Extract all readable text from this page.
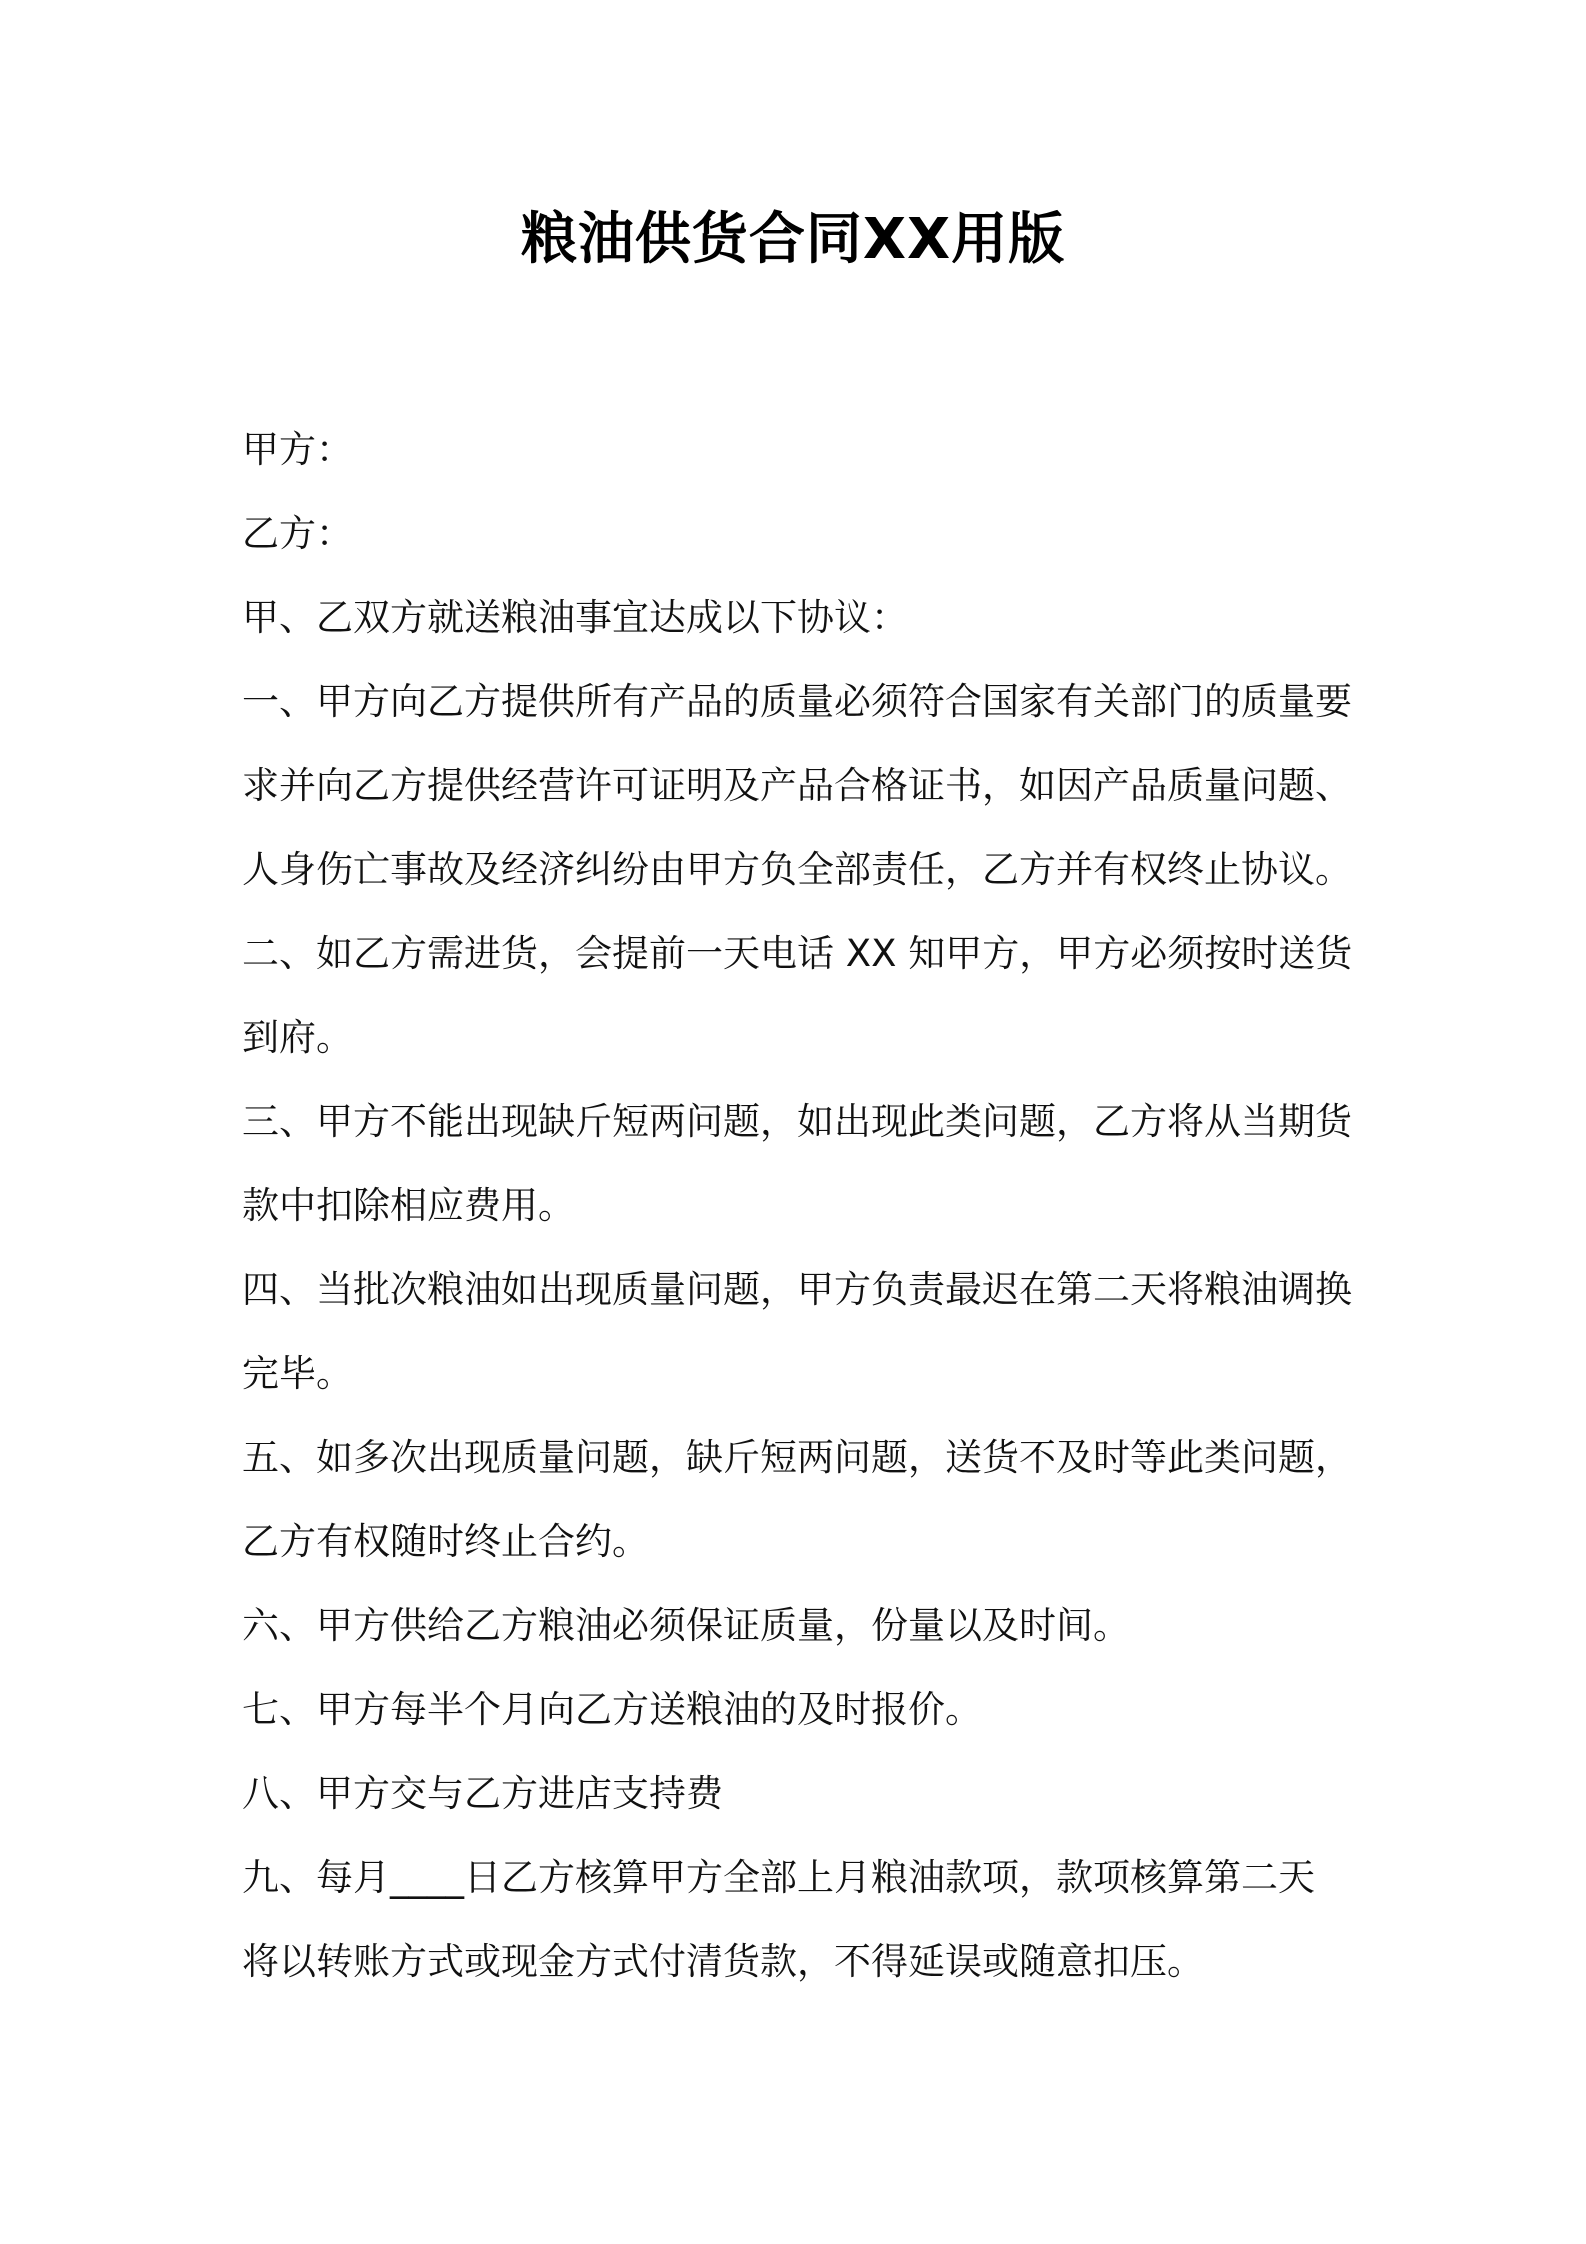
粮油供货合同XX用版
甲方：
乙方：
甲、乙双方就送粮油事宜达成以下协议：
一、甲方向乙方提供所有产品的质量必须符合国家有关部门的质量要
求并向乙方提供经营许可证明及产品合格证书，如因产品质量问题、
人身伤亡事故及经济纠纷由甲方负全部责任，乙方并有权终止协议。
二、如乙方需进货，会提前一天电话 XX 知甲方，甲方必须按时送货
到府。
三、甲方不能出现缺斤短两问题，如出现此类问题，乙方将从当期货
款中扣除相应费用。
四、当批次粮油如出现质量问题，甲方负责最迟在第二天将粮油调换
完毕。
五、如多次出现质量问题，缺斤短两问题，送货不及时等此类问题，
乙方有权随时终止合约。
六、甲方供给乙方粮油必须保证质量，份量以及时间。
七、甲方每半个月向乙方送粮油的及时报价。
八、甲方交与乙方进店支持费
九、每月____日乙方核算甲方全部上月粮油款项，款项核算第二天
将以转账方式或现金方式付清货款，不得延误或随意扣压。
